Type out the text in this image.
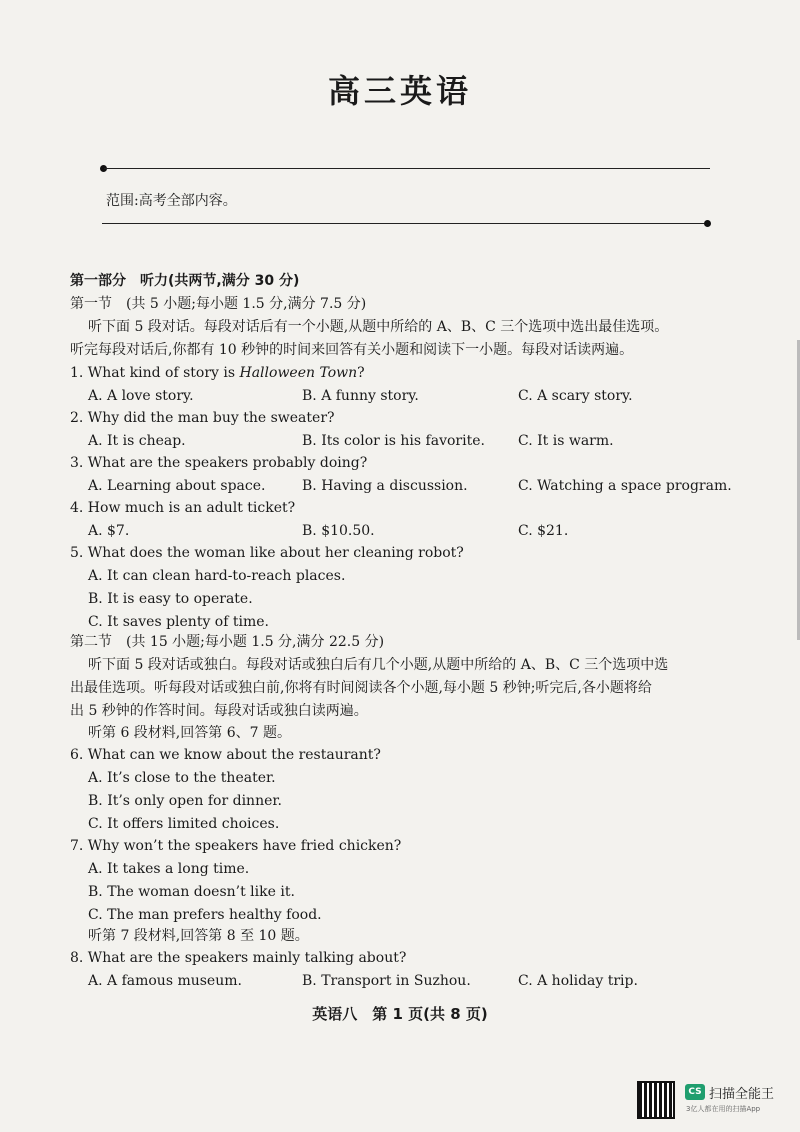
高三英语
范围:高考全部内容。
第一部分　听力(共两节,满分 30 分)
第一节　(共 5 小题;每小题 1.5 分,满分 7.5 分)
听下面 5 段对话。每段对话后有一个小题,从题中所给的 A、B、C 三个选项中选出最佳选项。
听完每段对话后,你都有 10 秒钟的时间来回答有关小题和阅读下一小题。每段对话读两遍。
1. What kind of story is Halloween Town?
A. A love story.	B. A funny story.	C. A scary story.
2. Why did the man buy the sweater?
A. It is cheap.	B. Its color is his favorite. C. It is warm.
3. What are the speakers probably doing?
A. Learning about space.	B. Having a discussion.	C. Watching a space program.
4. How much is an adult ticket?
A. $7.	B. $10.50.	C. $21.
5. What does the woman like about her cleaning robot?
A. It can clean hard-to-reach places.
B. It is easy to operate.
C. It saves plenty of time.
第二节　(共 15 小题;每小题 1.5 分,满分 22.5 分)
听下面 5 段对话或独白。每段对话或独白后有几个小题,从题中所给的 A、B、C 三个选项中选
出最佳选项。听每段对话或独白前,你将有时间阅读各个小题,每小题 5 秒钟;听完后,各小题将给
出 5 秒钟的作答时间。每段对话或独白读两遍。
听第 6 段材料,回答第 6、7 题。
6. What can we know about the restaurant?
A. It’s close to the theater.
B. It’s only open for dinner.
C. It offers limited choices.
7. Why won’t the speakers have fried chicken?
A. It takes a long time.
B. The woman doesn’t like it.
C. The man prefers healthy food.
听第 7 段材料,回答第 8 至 10 题。
8. What are the speakers mainly talking about?
A. A famous museum.	B. Transport in Suzhou.	C. A holiday trip.
英语八　第 1 页(共 8 页)
CS 扫描全能王
3亿人都在用的扫描App
